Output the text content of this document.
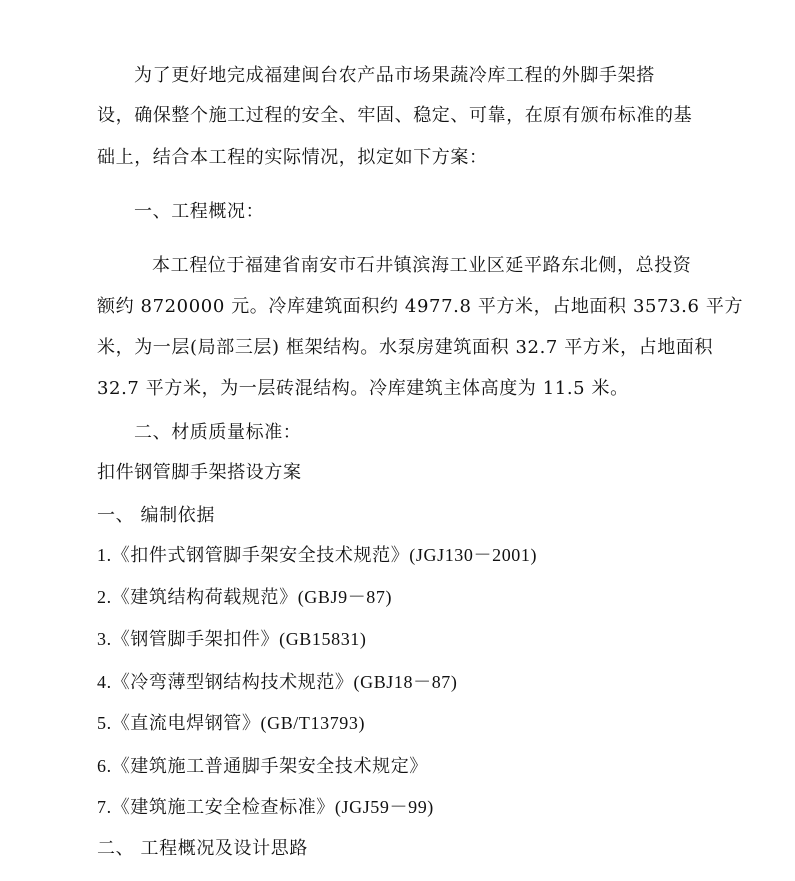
为了更好地完成福建闽台农产品市场果蔬冷库工程的外脚手架搭
设，确保整个施工过程的安全、牢固、稳定、可靠，在原有颁布标准的基
础上，结合本工程的实际情况，拟定如下方案：
一、工程概况：
本工程位于福建省南安市石井镇滨海工业区延平路东北侧，总投资
额约 8720000 元。冷库建筑面积约 4977.8 平方米，占地面积 3573.6 平方
米，为一层(局部三层) 框架结构。水泵房建筑面积 32.7 平方米，占地面积
32.7 平方米，为一层砖混结构。冷库建筑主体高度为 11.5 米。
二、材质质量标准：
扣件钢管脚手架搭设方案
一、 编制依据
1.《扣件式钢管脚手架安全技术规范》(JGJ130－2001)
2.《建筑结构荷载规范》(GBJ9－87)
3.《钢管脚手架扣件》(GB15831)
4.《冷弯薄型钢结构技术规范》(GBJ18－87)
5.《直流电焊钢管》(GB/T13793)
6.《建筑施工普通脚手架安全技术规定》
7.《建筑施工安全检查标准》(JGJ59－99)
二、 工程概况及设计思路
